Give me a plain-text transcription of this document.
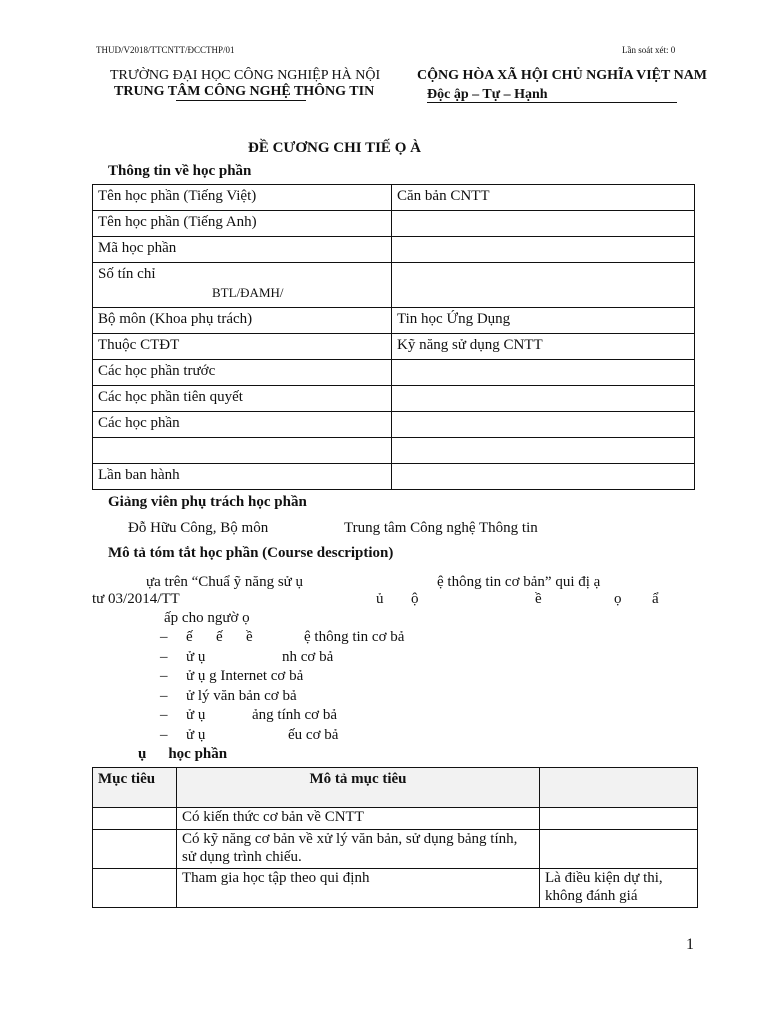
THUD/V2018/TTCNTT/ĐCCTHP/01	Lần soát xét: 0
TRƯỜNG ĐẠI HỌC CÔNG NGHIỆP HÀ NỘI
TRUNG TÂM CÔNG NGHỆ THÔNG TIN
CỘNG HÒA XÃ HỘI CHỦ NGHĨA VIỆT NAM
Độc ập – Tự – Hạnh
ĐỀ CƯƠNG CHI TIẾ Ọ À
Thông tin về học phần
Tên học phần (Tiếng Việt)	Căn bản CNTT
Tên học phần (Tiếng Anh)	
Mã học phần	

Số tín chỉ
BTL/ĐAMH/	

Bộ môn (Khoa phụ trách)	Tin học Ứng Dụng
Thuộc CTĐT	Kỹ năng sử dụng CNTT
Các học phần trước	
Các học phần tiên quyết	
Các học phần	

Lần ban hành	
Giảng viên phụ trách học phần
Đỗ Hữu Công, Bộ môn	Trung tâm Công nghệ Thông tin
Mô tả tóm tắt học phần (Course description)
ựa trên “Chuẩ ỹ năng sử ụ	ệ thông tin cơ bản” qui đị ạ
tư 03/2014/TT	ủ ộ	ề	ọ ẩ
ấp cho ngườ ọ
– ế ế ề	ệ thông tin cơ bả
– ử ụ	nh cơ bả
– ử ụ g Internet cơ bả
– ử lý văn bản cơ bả
– ử ụ	ảng tính cơ bả
– ử ụ	ếu cơ bả
ụ học phần
Mục tiêu	Mô tả mục tiêu	
	Có kiến thức cơ bản về CNTT	
	Có kỹ năng cơ bản về xử lý văn bản, sử dụng bảng tính, sử dụng trình chiếu.	
	Tham gia học tập theo qui định	Là điều kiện dự thi, không đánh giá
1
